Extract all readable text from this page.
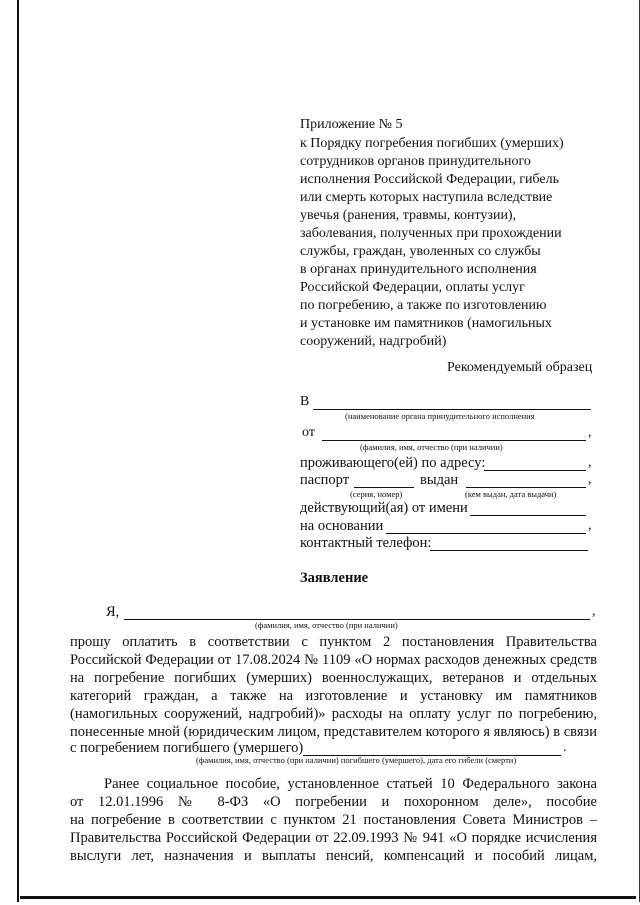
Приложение № 5
к Порядку погребения погибших (умерших)
сотрудников органов принудительного
исполнения Российской Федерации, гибель
или смерть которых наступила вследствие
увечья (ранения, травмы, контузии),
заболевания, полученных при прохождении
службы, граждан, уволенных со службы
в органах принудительного исполнения
Российской Федерации, оплаты услуг
по погребению, а также по изготовлению
и установке им памятников (намогильных
сооружений, надгробий)
Рекомендуемый образец
В
(наименование органа принудительного исполнения
от	,
(фамилия, имя, отчество (при наличии)
проживающего(ей) по адресу:	,
паспорт	выдан	,
(серия, номер)	(кем выдан, дата выдачи)
действующий(ая) от имени
на основании	,
контактный телефон:
Заявление
Я,	,
(фамилия, имя, отчество (при наличии)
прошу оплатить в соответствии с пунктом 2 постановления Правительства
Российской Федерации от 17.08.2024 № 1109 «О нормах расходов денежных средств
на погребение погибших (умерших) военнослужащих, ветеранов и отдельных
категорий граждан, а также на изготовление и установку им памятников
(намогильных сооружений, надгробий)» расходы на оплату услуг по погребению,
понесенные мной (юридическим лицом, представителем которого я являюсь) в связи
с погребением погибшего (умершего)	.
(фамилия, имя, отчество (при наличии) погибшего (умершего), дата его гибели (смерти)
Ранее социальное пособие, установленное статьей 10 Федерального закона
от 12.01.1996 № 8-ФЗ «О погребении и похоронном деле», пособие
на погребение в соответствии с пунктом 21 постановления Совета Министров –
Правительства Российской Федерации от 22.09.1993 № 941 «О порядке исчисления
выслуги лет, назначения и выплаты пенсий, компенсаций и пособий лицам,
